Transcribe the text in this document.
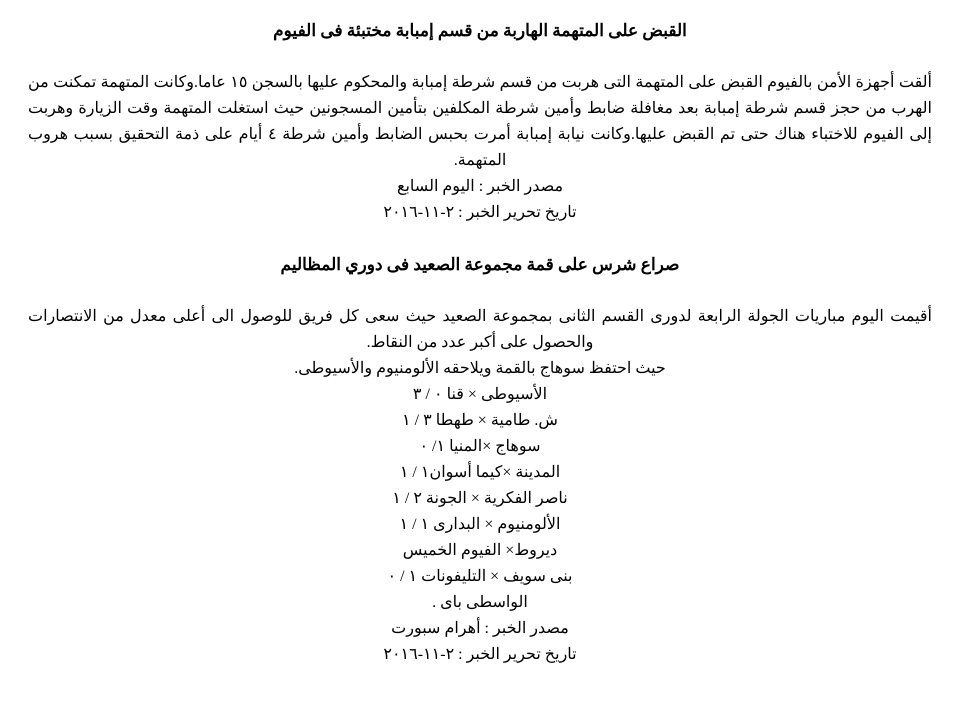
القبض على المتهمة الهاربة من قسم إمبابة مختبئة فى الفيوم

ألقت أجهزة الأمن بالفيوم القبض على المتهمة التى هربت من قسم شرطة إمبابة والمحكوم عليها بالسجن ١٥ عاما.وكانت المتهمة تمكنت من الهرب من حجز قسم شرطة إمبابة بعد مغافلة ضابط وأمين شرطة المكلفين بتأمين المسجونين حيث استغلت المتهمة وقت الزيارة وهربت إلى الفيوم للاختباء هناك حتى تم القبض عليها.وكانت نيابة إمبابة أمرت بحبس الضابط وأمين شرطة ٤ أيام على ذمة التحقيق بسبب هروب المتهمة.

مصدر الخبر : اليوم السابع

تاريخ تحرير الخبر : ٢-١١-٢٠١٦

صراع شرس على قمة مجموعة الصعيد فى دوري المظاليم

أقيمت اليوم مباريات الجولة الرابعة لدورى القسم الثانى بمجموعة الصعيد حيث سعى كل فريق للوصول الى أعلى معدل من الانتصارات والحصول على أكبر عدد من النقاط.

حيث احتفظ سوهاج بالقمة ويلاحقه الألومنيوم والأسيوطى.

الأسيوطى × قنا ٠ / ٣
ش. طامية × طهطا ٣ / ١
سوهاج ×المنيا ١/ ٠
المدينة ×كيما أسوان١ / ١
ناصر الفكرية × الجونة ٢ / ١
الألومنيوم × البدارى ١ / ١
ديروط× الفيوم الخميس
بنى سويف × التليفونات ١ / ٠
الواسطى باى .

مصدر الخبر : أهرام سبورت

تاريخ تحرير الخبر : ٢-١١-٢٠١٦
